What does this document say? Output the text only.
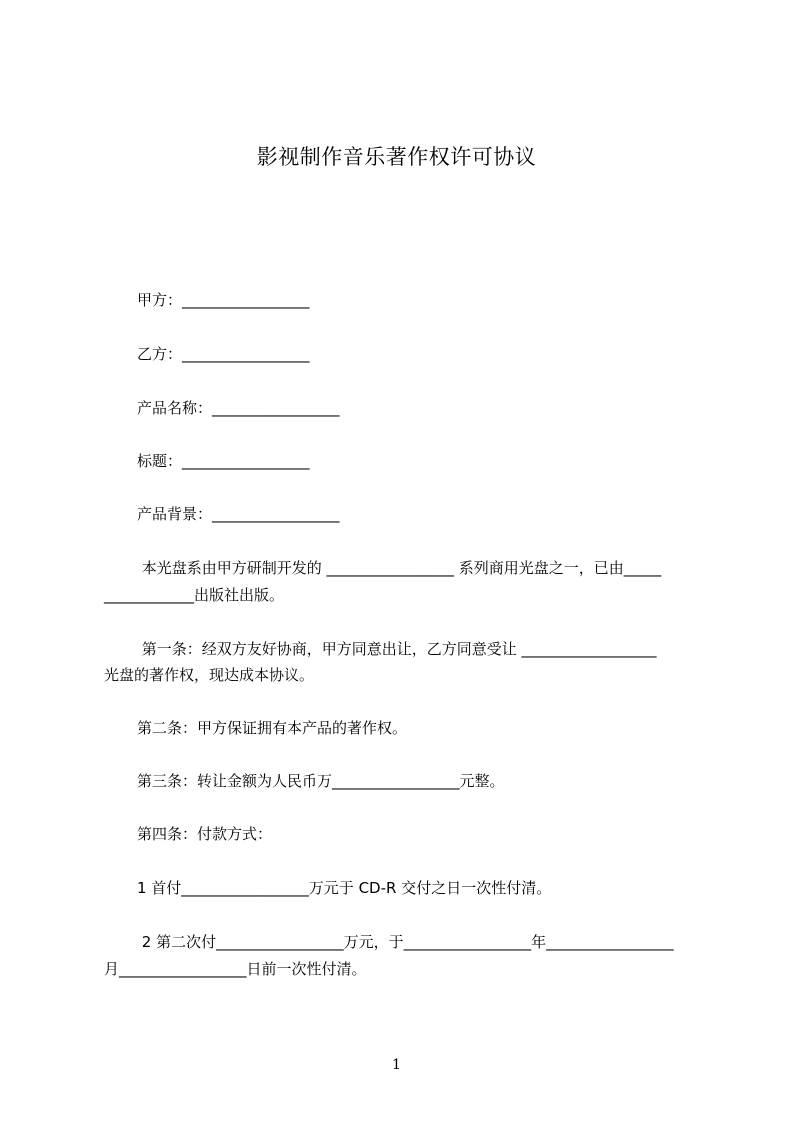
影视制作音乐著作权许可协议
甲方：_________________
乙方：_________________
产品名称：_________________
标题：_________________
产品背景：_________________
本光盘系由甲方研制开发的 _________________ 系列商用光盘之一，已由_____
____________出版社出版。
第一条：经双方友好协商，甲方同意出让，乙方同意受让 __________________
光盘的著作权，现达成本协议。
第二条：甲方保证拥有本产品的著作权。
第三条：转让金额为人民币万_________________元整。
第四条：付款方式：
1 首付_________________万元于 CD-R 交付之日一次性付清。
2 第二次付_________________万元，于_________________年_________________
月_________________日前一次性付清。
1
